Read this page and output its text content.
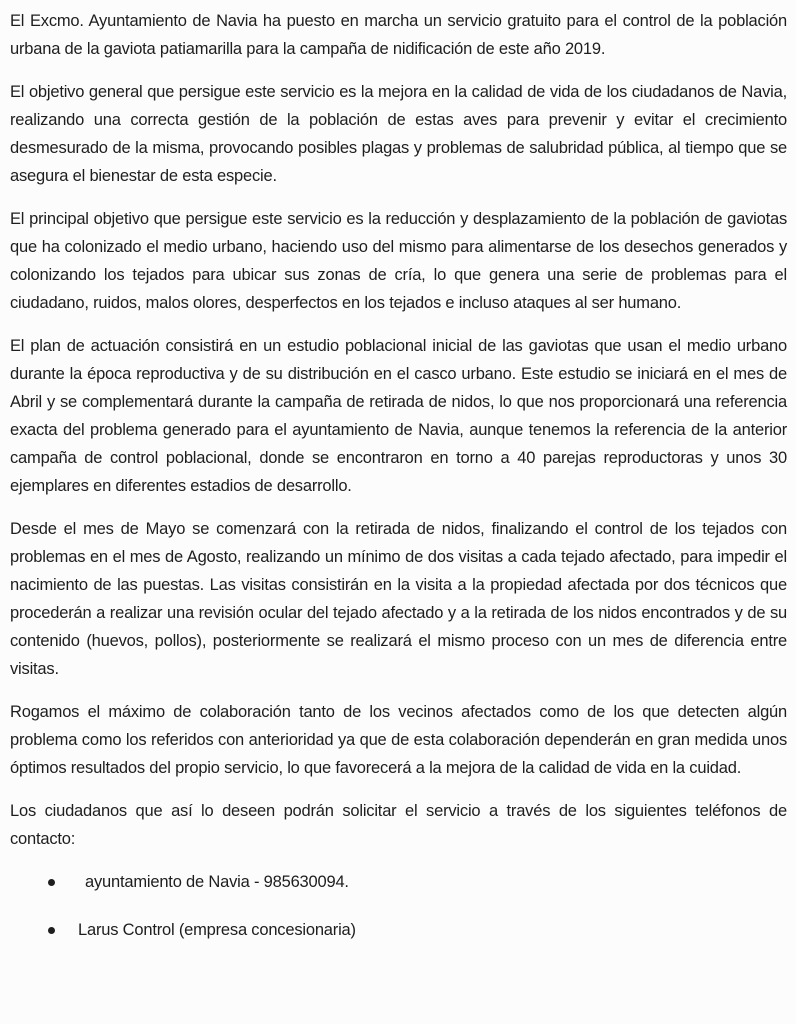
El Excmo. Ayuntamiento de Navia ha puesto en marcha un servicio gratuito para el control de la población urbana de la gaviota patiamarilla para la campaña de nidificación de este año 2019.

El objetivo general que persigue este servicio es la mejora en la calidad de vida de los ciudadanos de Navia, realizando una correcta gestión de la población de estas aves para prevenir y evitar el crecimiento desmesurado de la misma, provocando posibles plagas y problemas de salubridad pública, al tiempo que se asegura el bienestar de esta especie.

El principal objetivo que persigue este servicio es la reducción y desplazamiento de la población de gaviotas que ha colonizado el medio urbano, haciendo uso del mismo para alimentarse de los desechos generados y colonizando los tejados para ubicar sus zonas de cría, lo que genera una serie de problemas para el ciudadano, ruidos, malos olores, desperfectos en los tejados e incluso ataques al ser humano.

El plan de actuación consistirá en un estudio poblacional inicial de las gaviotas que usan el medio urbano durante la época reproductiva y de su distribución en el casco urbano. Este estudio se iniciará en el mes de Abril y se complementará durante la campaña de retirada de nidos, lo que nos proporcionará una referencia exacta del problema generado para el ayuntamiento de Navia, aunque tenemos la referencia de la anterior campaña de control poblacional, donde se encontraron en torno a 40 parejas reproductoras y unos 30 ejemplares en diferentes estadios de desarrollo.

Desde el mes de Mayo se comenzará con la retirada de nidos, finalizando el control de los tejados con problemas en el mes de Agosto, realizando un mínimo de dos visitas a cada tejado afectado, para impedir el nacimiento de las puestas. Las visitas consistirán en la visita a la propiedad afectada por dos técnicos que procederán a realizar una revisión ocular del tejado afectado y a la retirada de los nidos encontrados y de su contenido (huevos, pollos), posteriormente se realizará el mismo proceso con un mes de diferencia entre visitas.

Rogamos el máximo de colaboración tanto de los vecinos afectados como de los que detecten algún problema como los referidos con anterioridad ya que de esta colaboración dependerán en gran medida unos óptimos resultados del propio servicio, lo que favorecerá a la mejora de la calidad de vida en la cuidad.

Los ciudadanos que así lo deseen podrán solicitar el servicio a través de los siguientes teléfonos de contacto:

ayuntamiento de Navia - 985630094.
Larus Control (empresa concesionaria)
